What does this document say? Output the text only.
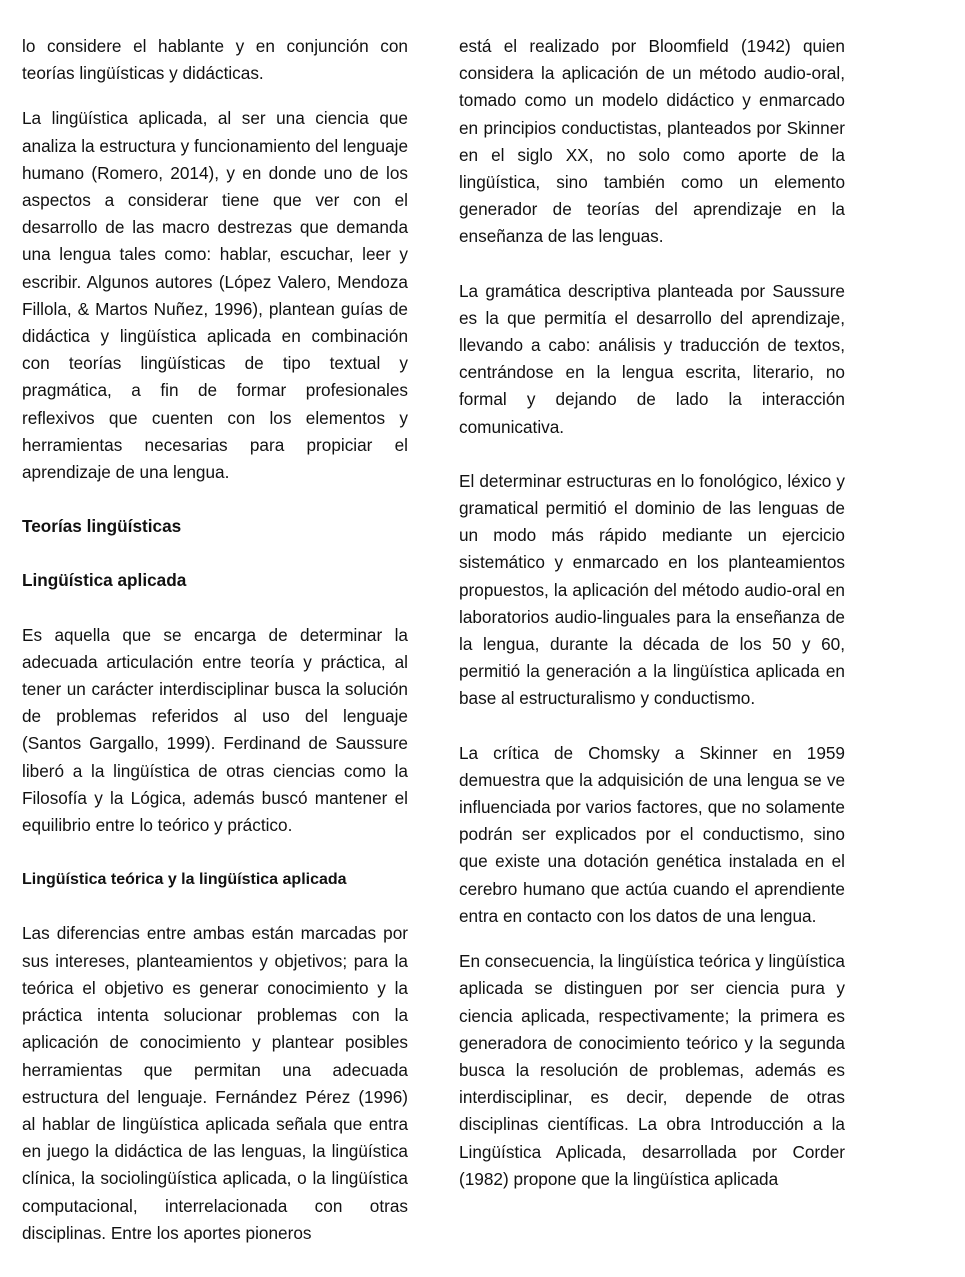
lo considere el hablante y en conjunción con teorías lingüísticas y didácticas.

La lingüística aplicada, al ser una ciencia que analiza la estructura y funcionamiento del lenguaje humano (Romero, 2014), y en donde uno de los aspectos a considerar tiene que ver con el desarrollo de las macro destrezas que demanda una lengua tales como: hablar, escuchar, leer y escribir. Algunos autores (López Valero, Mendoza Fillola, & Martos Nuñez, 1996), plantean guías de didáctica y lingüística aplicada en combinación con teorías lingüísticas de tipo textual y pragmática, a fin de formar profesionales reflexivos que cuenten con los elementos y herramientas necesarias para propiciar el aprendizaje de una lengua.

Teorías lingüísticas
Lingüística aplicada

Es aquella que se encarga de determinar la adecuada articulación entre teoría y práctica, al tener un carácter interdisciplinar busca la solución de problemas referidos al uso del lenguaje (Santos Gargallo, 1999). Ferdinand de Saussure liberó a la lingüística de otras ciencias como la Filosofía y la Lógica, además buscó mantener el equilibrio entre lo teórico y práctico.

Lingüística teórica y la lingüística aplicada

Las diferencias entre ambas están marcadas por sus intereses, planteamientos y objetivos; para la teórica el objetivo es generar conocimiento y la práctica intenta solucionar problemas con la aplicación de conocimiento y plantear posibles herramientas que permitan una adecuada estructura del lenguaje. Fernández Pérez (1996) al hablar de lingüística aplicada señala que entra en juego la didáctica de las lenguas, la lingüística clínica, la sociolingüística aplicada, o la lingüística computacional, interrelacionada con otras disciplinas. Entre los aportes pioneros

está el realizado por Bloomfield (1942) quien considera la aplicación de un método audio-oral, tomado como un modelo didáctico y enmarcado en principios conductistas, planteados por Skinner en el siglo XX, no solo como aporte de la lingüística, sino también como un elemento generador de teorías del aprendizaje en la enseñanza de las lenguas.

La gramática descriptiva planteada por Saussure es la que permitía el desarrollo del aprendizaje, llevando a cabo: análisis y traducción de textos, centrándose en la lengua escrita, literario, no formal y dejando de lado la interacción comunicativa.

El determinar estructuras en lo fonológico, léxico y gramatical permitió el dominio de las lenguas de un modo más rápido mediante un ejercicio sistemático y enmarcado en los planteamientos propuestos, la aplicación del método audio-oral en laboratorios audio-linguales para la enseñanza de la lengua, durante la década de los 50 y 60, permitió la generación a la lingüística aplicada en base al estructuralismo y conductismo.

La crítica de Chomsky a Skinner en 1959 demuestra que la adquisición de una lengua se ve influenciada por varios factores, que no solamente podrán ser explicados por el conductismo, sino que existe una dotación genética instalada en el cerebro humano que actúa cuando el aprendiente entra en contacto con los datos de una lengua.

En consecuencia, la lingüística teórica y lingüística aplicada se distinguen por ser ciencia pura y ciencia aplicada, respectivamente; la primera es generadora de conocimiento teórico y la segunda busca la resolución de problemas, además es interdisciplinar, es decir, depende de otras disciplinas científicas. La obra Introducción a la Lingüística Aplicada, desarrollada por Corder (1982) propone que la lingüística aplicada
